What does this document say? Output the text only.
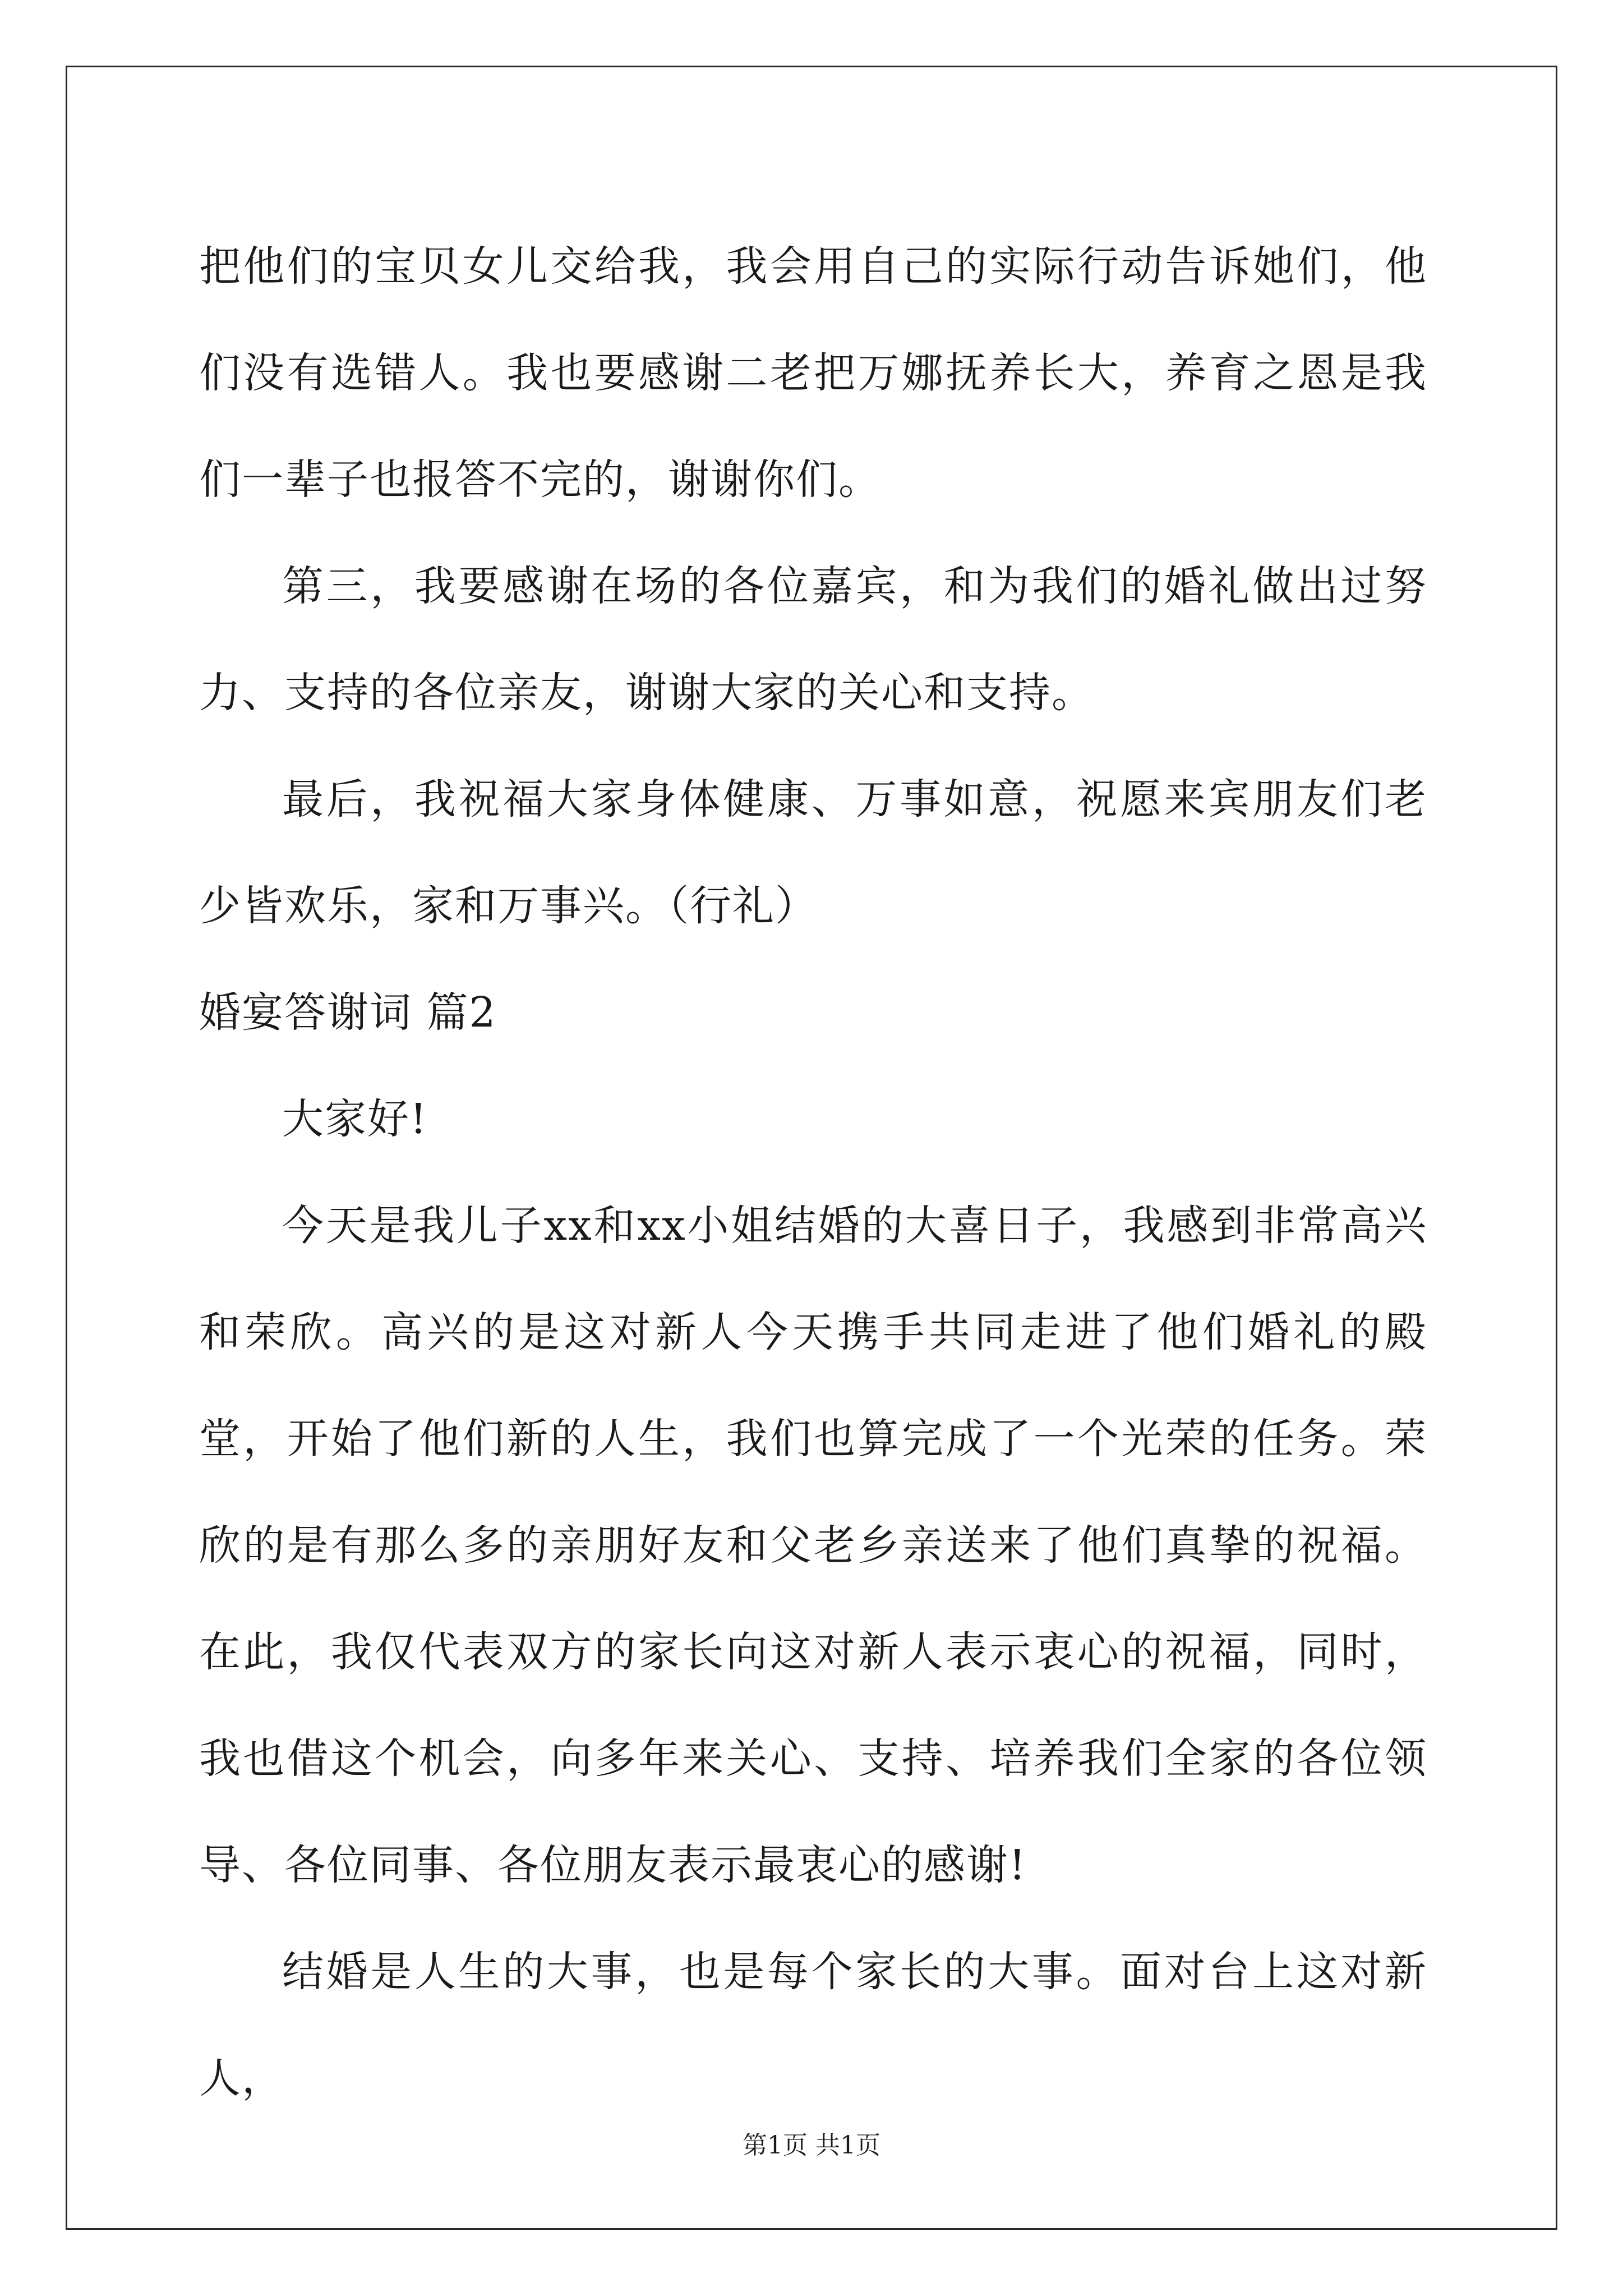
把他们的宝贝女儿交给我，我会用自己的实际行动告诉她们，他们没有选错人。我也要感谢二老把万娜抚养长大，养育之恩是我们一辈子也报答不完的，谢谢你们。

第三，我要感谢在场的各位嘉宾，和为我们的婚礼做出过努力、支持的各位亲友，谢谢大家的关心和支持。

最后，我祝福大家身体健康、万事如意，祝愿来宾朋友们老少皆欢乐，家和万事兴。（行礼）

婚宴答谢词 篇2

大家好!

今天是我儿子xx和xx小姐结婚的大喜日子，我感到非常高兴和荣欣。高兴的是这对新人今天携手共同走进了他们婚礼的殿堂，开始了他们新的人生，我们也算完成了一个光荣的任务。荣欣的是有那么多的亲朋好友和父老乡亲送来了他们真挚的祝福。在此，我仅代表双方的家长向这对新人表示衷心的祝福，同时，我也借这个机会，向多年来关心、支持、培养我们全家的各位领导、各位同事、各位朋友表示最衷心的感谢!

结婚是人生的大事，也是每个家长的大事。面对台上这对新人，

第1页 共1页
